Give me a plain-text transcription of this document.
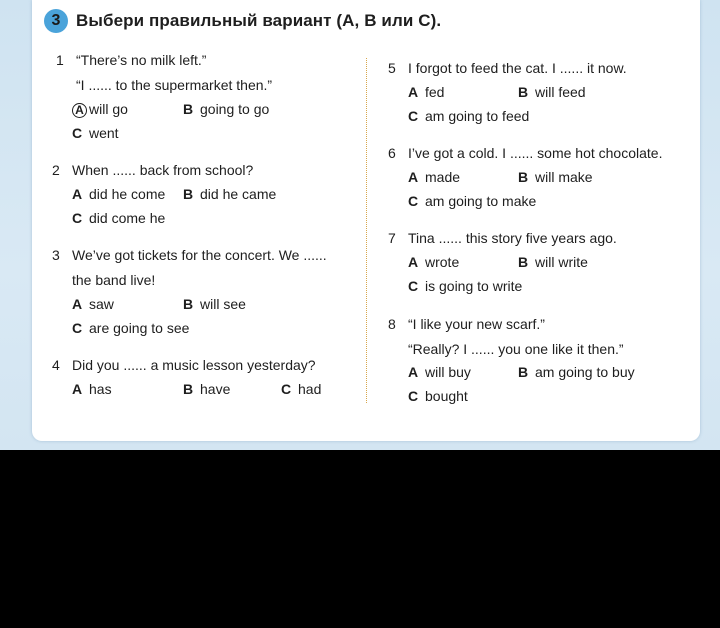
3 Выбери правильный вариант (A, B или C).
1 “There’s no milk left.”
“I ...... to the supermarket then.”
A will go	B going to go
C went
2 When ...... back from school?
A did he come B did he came
C did come he
3 We’ve got tickets for the concert. We ......
the band live!
A saw	B will see
C are going to see
4 Did you ...... a music lesson yesterday?
A has	B have	C had
5 I forgot to feed the cat. I ...... it now.
A fed	B will feed
C am going to feed
6 I’ve got a cold. I ...... some hot chocolate.
A made	B will make
C am going to make
7 Tina ...... this story five years ago.
A wrote	B will write
C is going to write
8 “I like your new scarf.”
“Really? I ...... you one like it then.”
A will buy	B am going to buy
C bought
